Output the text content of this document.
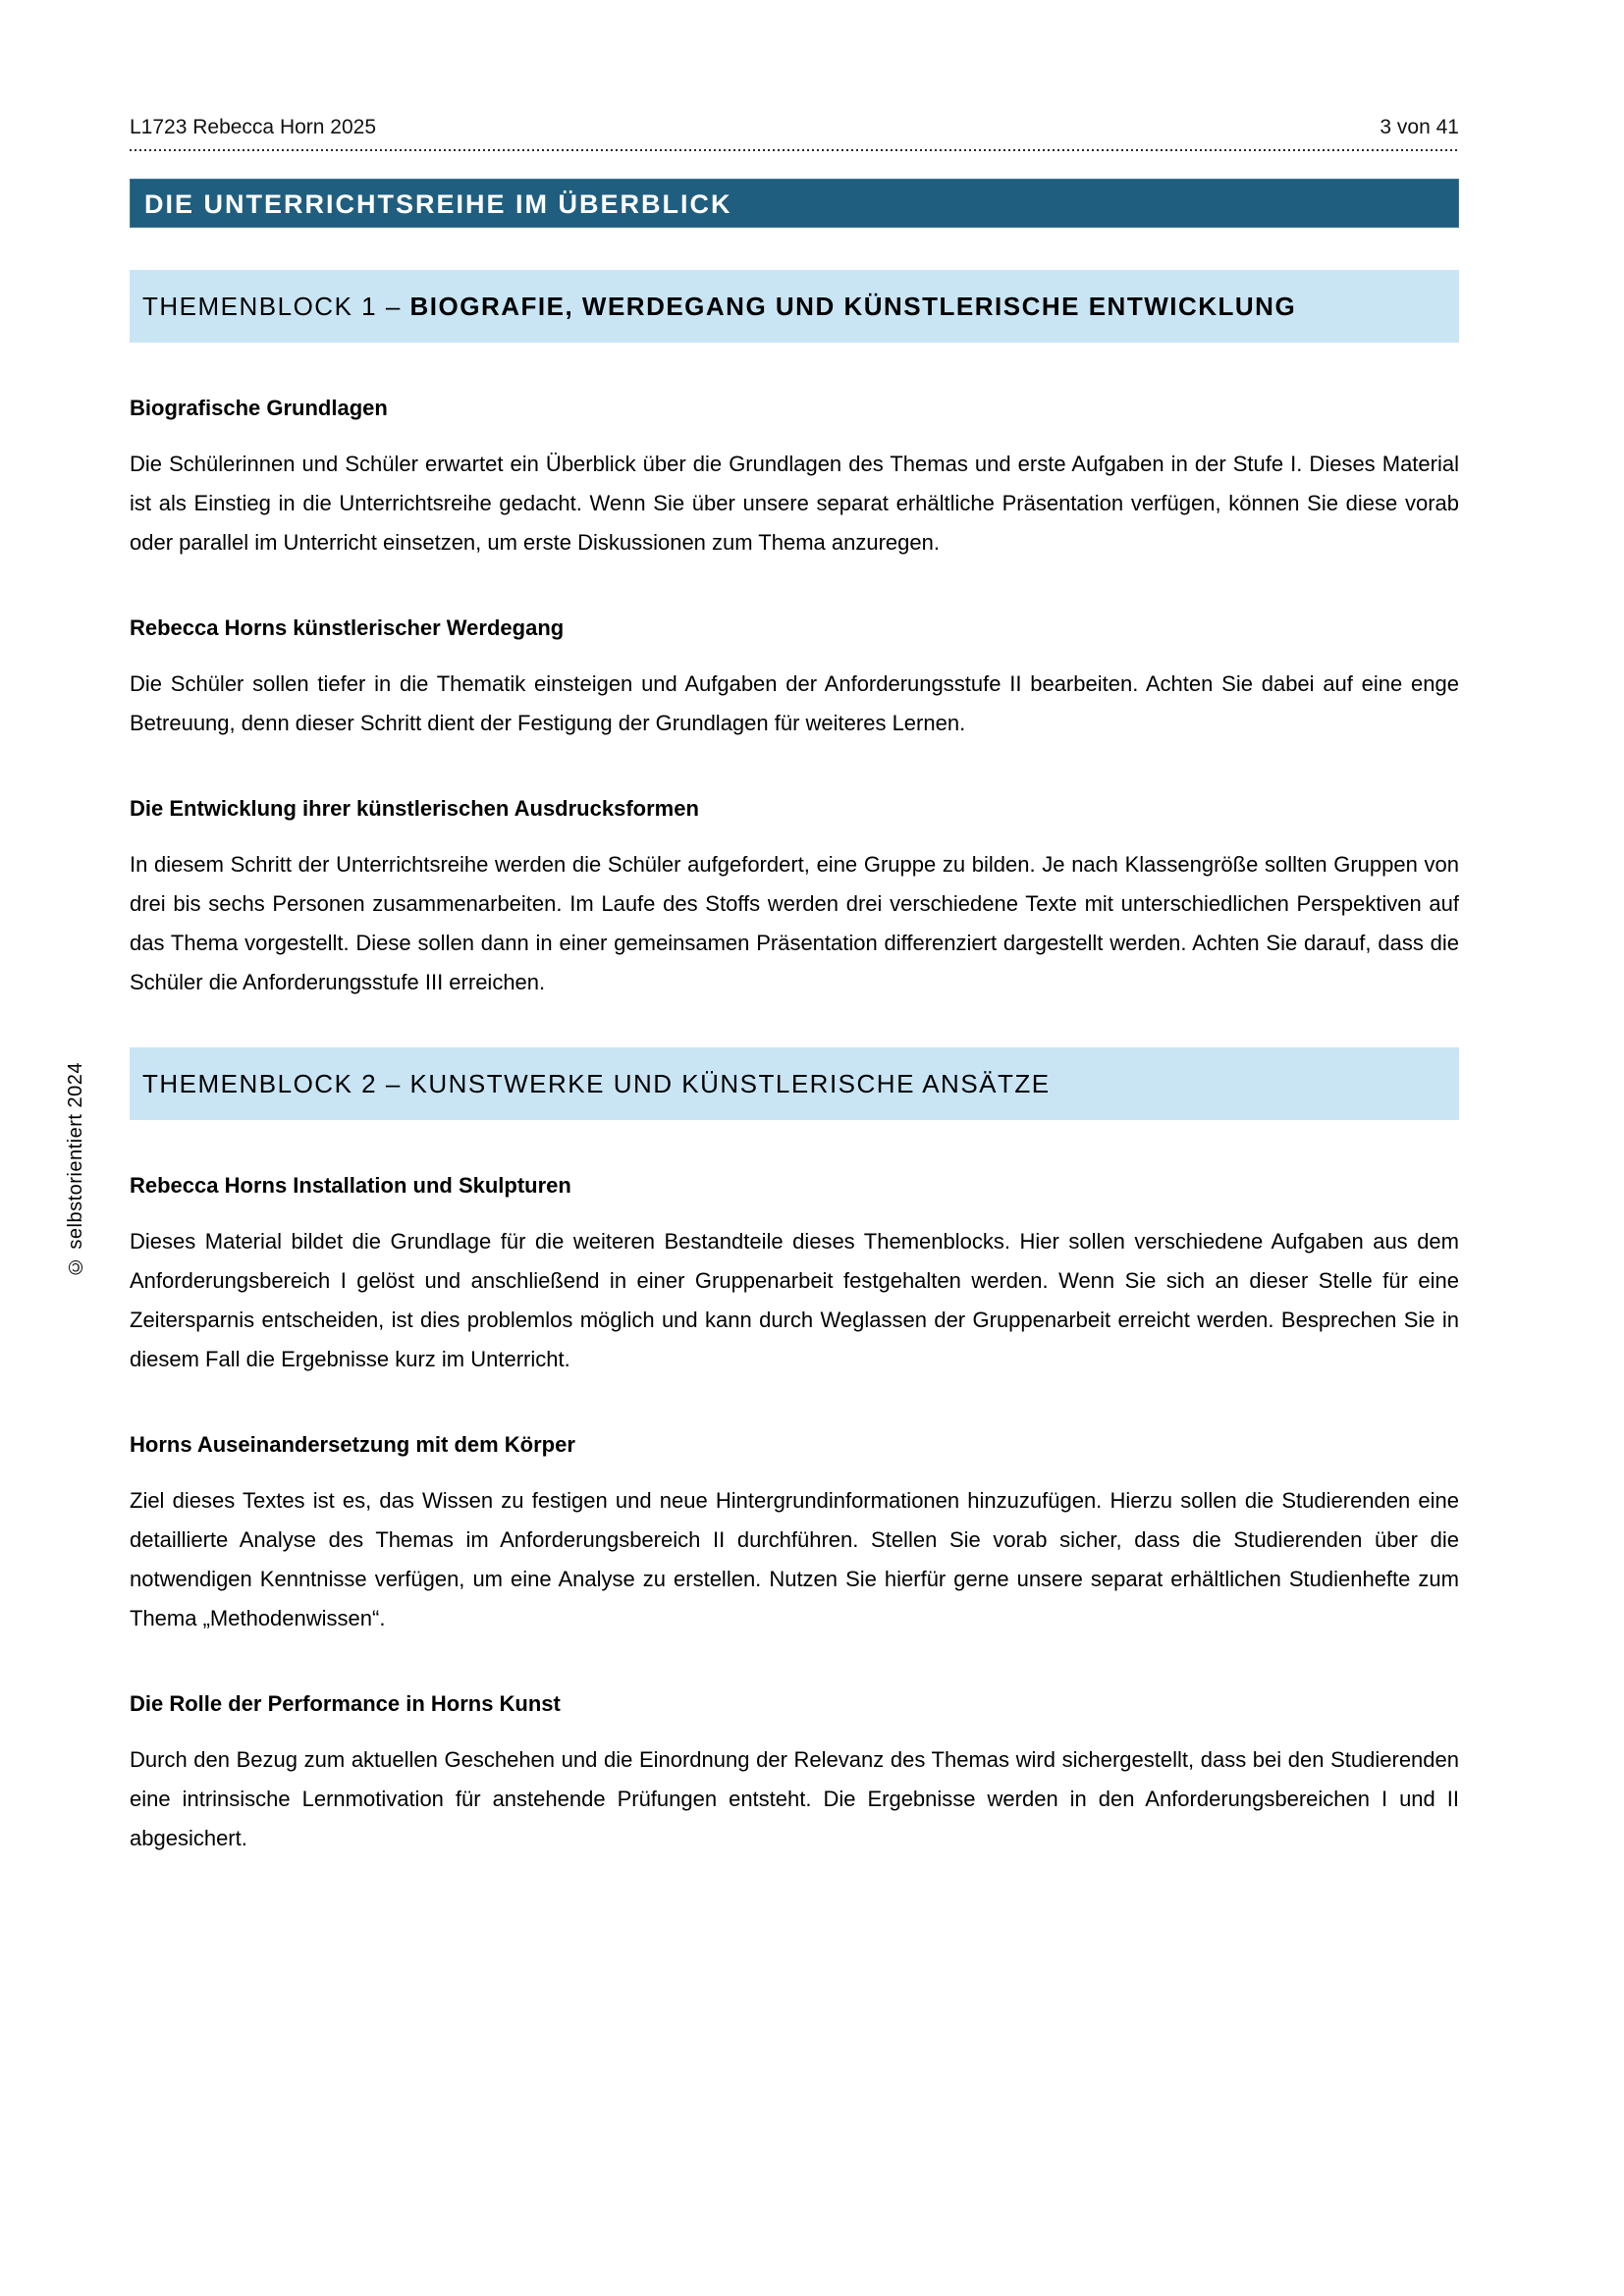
© selbstorientiert 2024
L1723 Rebecca Horn 2025	3 von 41
DIE UNTERRICHTSREIHE IM ÜBERBLICK
THEMENBLOCK 1 – BIOGRAFIE, WERDEGANG UND KÜNSTLERISCHE ENTWICKLUNG
Biografische Grundlagen

Die Schülerinnen und Schüler erwartet ein Überblick über die Grundlagen des Themas und erste Aufgaben in der Stufe I. Dieses Material ist als Einstieg in die Unterrichtsreihe gedacht. Wenn Sie über unsere separat erhältliche Präsentation verfügen, können Sie diese vorab oder parallel im Unterricht einsetzen, um erste Diskussionen zum Thema anzuregen.

Rebecca Horns künstlerischer Werdegang

Die Schüler sollen tiefer in die Thematik einsteigen und Aufgaben der Anforderungsstufe II bearbeiten. Achten Sie dabei auf eine enge Betreuung, denn dieser Schritt dient der Festigung der Grundlagen für weiteres Lernen.

Die Entwicklung ihrer künstlerischen Ausdrucksformen

In diesem Schritt der Unterrichtsreihe werden die Schüler aufgefordert, eine Gruppe zu bilden. Je nach Klassengröße sollten Gruppen von drei bis sechs Personen zusammenarbeiten. Im Laufe des Stoffs werden drei verschiedene Texte mit unterschiedlichen Perspektiven auf das Thema vorgestellt. Diese sollen dann in einer gemeinsamen Präsentation differenziert dargestellt werden. Achten Sie darauf, dass die Schüler die Anforderungsstufe III erreichen.

THEMENBLOCK 2 – KUNSTWERKE UND KÜNSTLERISCHE ANSÄTZE
Rebecca Horns Installation und Skulpturen

Dieses Material bildet die Grundlage für die weiteren Bestandteile dieses Themenblocks. Hier sollen verschiedene Aufgaben aus dem Anforderungsbereich I gelöst und anschließend in einer Gruppenarbeit festgehalten werden. Wenn Sie sich an dieser Stelle für eine Zeitersparnis entscheiden, ist dies problemlos möglich und kann durch Weglassen der Gruppenarbeit erreicht werden. Besprechen Sie in diesem Fall die Ergebnisse kurz im Unterricht.

Horns Auseinandersetzung mit dem Körper

Ziel dieses Textes ist es, das Wissen zu festigen und neue Hintergrundinformationen hinzuzufügen. Hierzu sollen die Studierenden eine detaillierte Analyse des Themas im Anforderungsbereich II durchführen. Stellen Sie vorab sicher, dass die Studierenden über die notwendigen Kenntnisse verfügen, um eine Analyse zu erstellen. Nutzen Sie hierfür gerne unsere separat erhältlichen Studienhefte zum Thema „Methodenwissen“.

Die Rolle der Performance in Horns Kunst

Durch den Bezug zum aktuellen Geschehen und die Einordnung der Relevanz des Themas wird sichergestellt, dass bei den Studierenden eine intrinsische Lernmotivation für anstehende Prüfungen entsteht. Die Ergebnisse werden in den Anforderungsbereichen I und II abgesichert.
